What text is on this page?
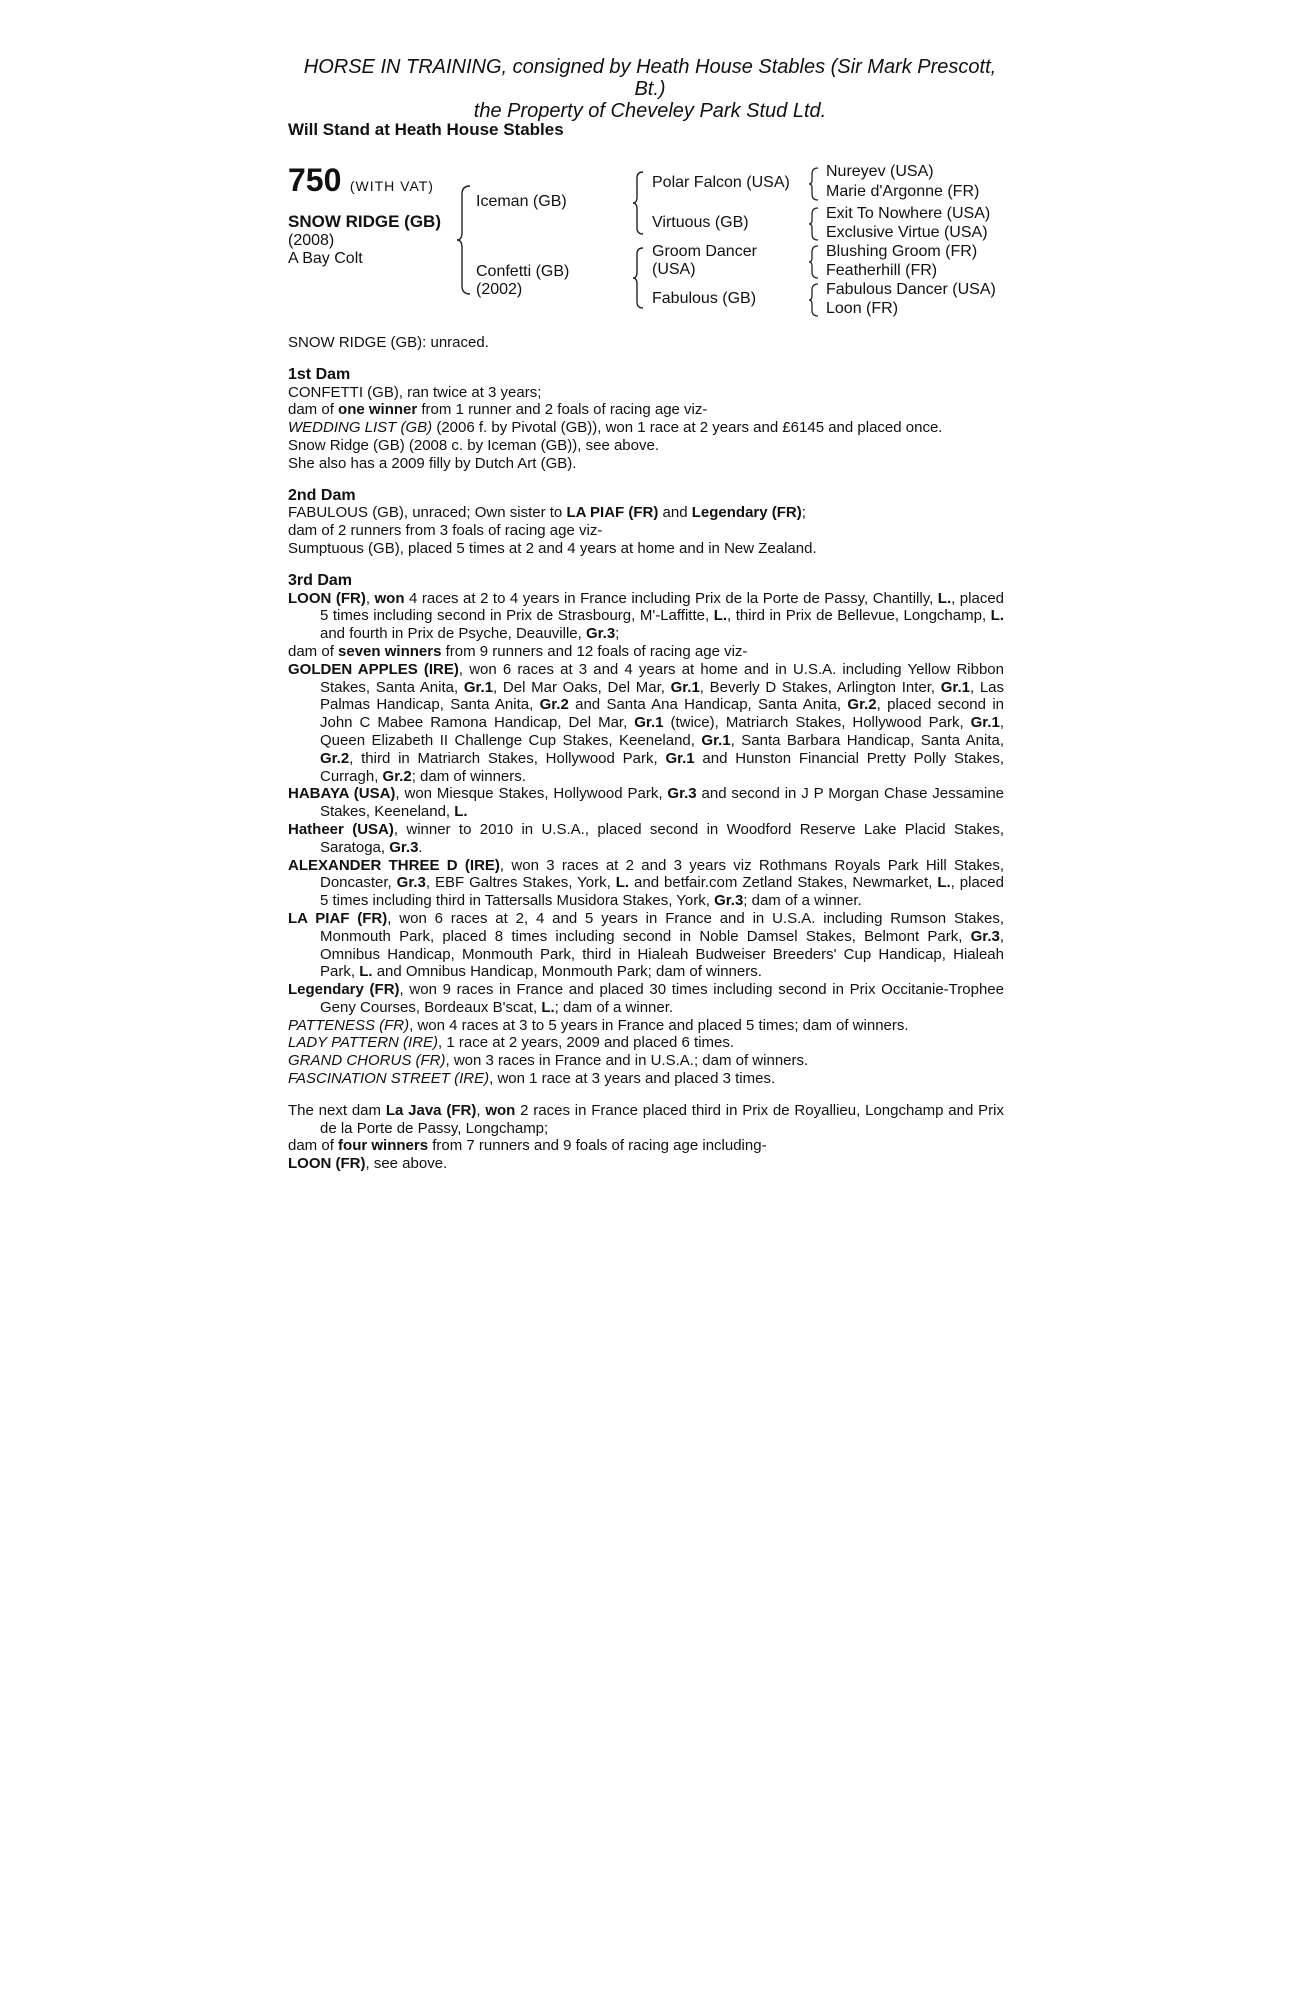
HORSE IN TRAINING, consigned by Heath House Stables (Sir Mark Prescott,
Bt.)
the Property of Cheveley Park Stud Ltd.
Will Stand at Heath House Stables
750 (WITH VAT)
SNOW RIDGE (GB)
(2008)
A Bay Colt
Iceman (GB)
Confetti (GB)
(2002)
Polar Falcon (USA)
Virtuous (GB)
Groom Dancer
(USA)
Fabulous (GB)
Nureyev (USA)
Marie d'Argonne (FR)
Exit To Nowhere (USA)
Exclusive Virtue (USA)
Blushing Groom (FR)
Featherhill (FR)
Fabulous Dancer (USA)
Loon (FR)

SNOW RIDGE (GB): unraced.

1st Dam

CONFETTI (GB), ran twice at 3 years;

dam of one winner from 1 runner and 2 foals of racing age viz-

WEDDING LIST (GB) (2006 f. by Pivotal (GB)), won 1 race at 2 years and £6145 and placed once.

Snow Ridge (GB) (2008 c. by Iceman (GB)), see above.

She also has a 2009 filly by Dutch Art (GB).

2nd Dam

FABULOUS (GB), unraced; Own sister to LA PIAF (FR) and Legendary (FR);

dam of 2 runners from 3 foals of racing age viz-

Sumptuous (GB), placed 5 times at 2 and 4 years at home and in New Zealand.

3rd Dam

LOON (FR), won 4 races at 2 to 4 years in France including Prix de la Porte de Passy, Chantilly, L., placed 5 times including second in Prix de Strasbourg, M'-Laffitte, L., third in Prix de Bellevue, Longchamp, L. and fourth in Prix de Psyche, Deauville, Gr.3;

dam of seven winners from 9 runners and 12 foals of racing age viz-

GOLDEN APPLES (IRE), won 6 races at 3 and 4 years at home and in U.S.A. including Yellow Ribbon Stakes, Santa Anita, Gr.1, Del Mar Oaks, Del Mar, Gr.1, Beverly D Stakes, Arlington Inter, Gr.1, Las Palmas Handicap, Santa Anita, Gr.2 and Santa Ana Handicap, Santa Anita, Gr.2, placed second in John C Mabee Ramona Handicap, Del Mar, Gr.1 (twice), Matriarch Stakes, Hollywood Park, Gr.1, Queen Elizabeth II Challenge Cup Stakes, Keeneland, Gr.1, Santa Barbara Handicap, Santa Anita, Gr.2, third in Matriarch Stakes, Hollywood Park, Gr.1 and Hunston Financial Pretty Polly Stakes, Curragh, Gr.2; dam of winners.

HABAYA (USA), won Miesque Stakes, Hollywood Park, Gr.3 and second in J P Morgan Chase Jessamine Stakes, Keeneland, L.

Hatheer (USA), winner to 2010 in U.S.A., placed second in Woodford Reserve Lake Placid Stakes, Saratoga, Gr.3.

ALEXANDER THREE D (IRE), won 3 races at 2 and 3 years viz Rothmans Royals Park Hill Stakes, Doncaster, Gr.3, EBF Galtres Stakes, York, L. and betfair.com Zetland Stakes, Newmarket, L., placed 5 times including third in Tattersalls Musidora Stakes, York, Gr.3; dam of a winner.

LA PIAF (FR), won 6 races at 2, 4 and 5 years in France and in U.S.A. including Rumson Stakes, Monmouth Park, placed 8 times including second in Noble Damsel Stakes, Belmont Park, Gr.3, Omnibus Handicap, Monmouth Park, third in Hialeah Budweiser Breeders' Cup Handicap, Hialeah Park, L. and Omnibus Handicap, Monmouth Park; dam of winners.

Legendary (FR), won 9 races in France and placed 30 times including second in Prix Occitanie-Trophee Geny Courses, Bordeaux B'scat, L.; dam of a winner.

PATTENESS (FR), won 4 races at 3 to 5 years in France and placed 5 times; dam of winners.

LADY PATTERN (IRE), 1 race at 2 years, 2009 and placed 6 times.

GRAND CHORUS (FR), won 3 races in France and in U.S.A.; dam of winners.

FASCINATION STREET (IRE), won 1 race at 3 years and placed 3 times.

The next dam La Java (FR), won 2 races in France placed third in Prix de Royallieu, Longchamp and Prix de la Porte de Passy, Longchamp;

dam of four winners from 7 runners and 9 foals of racing age including-

LOON (FR), see above.
